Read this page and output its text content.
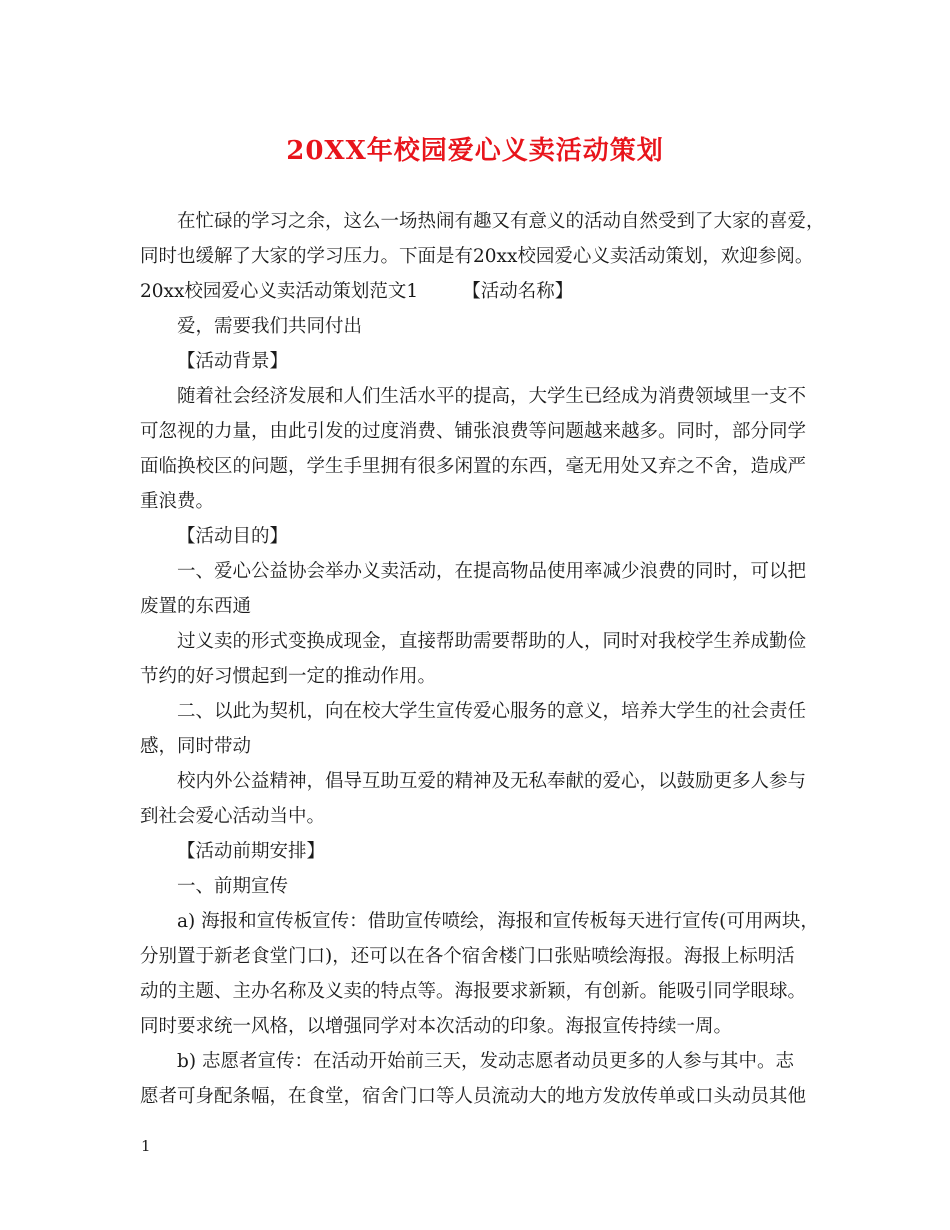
20XX年校园爱心义卖活动策划
在忙碌的学习之余，这么一场热闹有趣又有意义的活动自然受到了大家的喜爱，
同时也缓解了大家的学习压力。下面是有20xx校园爱心义卖活动策划，欢迎参阅。
20xx校园爱心义卖活动策划范文1 【活动名称】
爱，需要我们共同付出
【活动背景】
随着社会经济发展和人们生活水平的提高，大学生已经成为消费领域里一支不
可忽视的力量，由此引发的过度消费、铺张浪费等问题越来越多。同时，部分同学
面临换校区的问题，学生手里拥有很多闲置的东西，毫无用处又弃之不舍，造成严
重浪费。
【活动目的】
一、爱心公益协会举办义卖活动，在提高物品使用率减少浪费的同时，可以把
废置的东西通
过义卖的形式变换成现金，直接帮助需要帮助的人，同时对我校学生养成勤俭
节约的好习惯起到一定的推动作用。
二、以此为契机，向在校大学生宣传爱心服务的意义，培养大学生的社会责任
感，同时带动
校内外公益精神，倡导互助互爱的精神及无私奉献的爱心，以鼓励更多人参与
到社会爱心活动当中。
【活动前期安排】
一、前期宣传
a) 海报和宣传板宣传：借助宣传喷绘，海报和宣传板每天进行宣传(可用两块，
分别置于新老食堂门口)，还可以在各个宿舍楼门口张贴喷绘海报。海报上标明活
动的主题、主办名称及义卖的特点等。海报要求新颖，有创新。能吸引同学眼球。
同时要求统一风格，以增强同学对本次活动的印象。海报宣传持续一周。
b) 志愿者宣传：在活动开始前三天，发动志愿者动员更多的人参与其中。志
愿者可身配条幅，在食堂，宿舍门口等人员流动大的地方发放传单或口头动员其他
1
